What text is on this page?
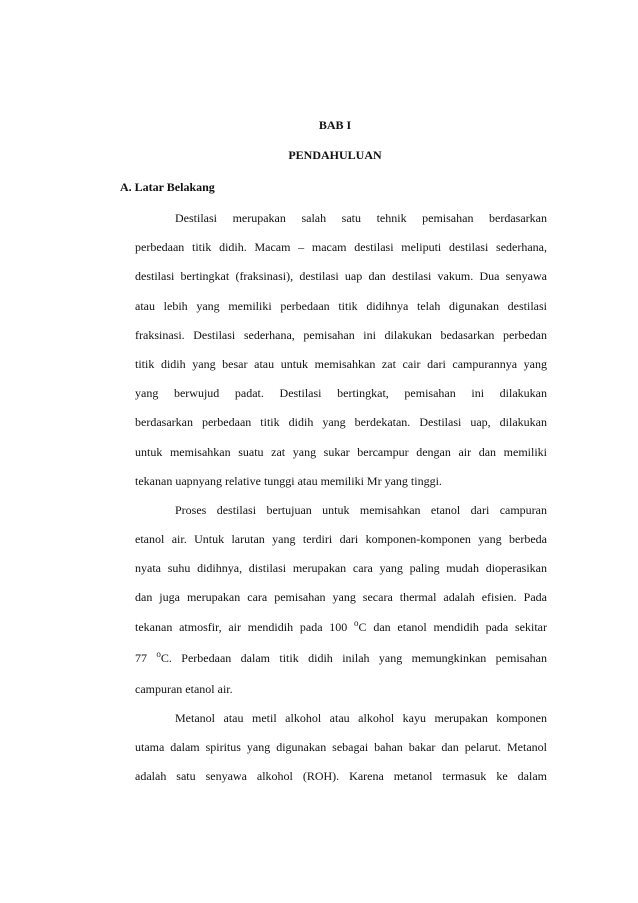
BAB I
PENDAHULUAN
A. Latar Belakang
Destilasi merupakan salah satu tehnik pemisahan berdasarkan
perbedaan titik didih. Macam – macam destilasi meliputi destilasi sederhana,
destilasi bertingkat (fraksinasi), destilasi uap dan destilasi vakum. Dua senyawa
atau lebih yang memiliki perbedaan titik didihnya telah digunakan destilasi
fraksinasi. Destilasi sederhana, pemisahan ini dilakukan bedasarkan perbedan
titik didih yang besar atau untuk memisahkan zat cair dari campurannya yang
yang berwujud padat. Destilasi bertingkat, pemisahan ini dilakukan
berdasarkan perbedaan titik didih yang berdekatan. Destilasi uap, dilakukan
untuk memisahkan suatu zat yang sukar bercampur dengan air dan memiliki
tekanan uapnyang relative tunggi atau memiliki Mr yang tinggi.
Proses destilasi bertujuan untuk memisahkan etanol dari campuran
etanol air. Untuk larutan yang terdiri dari komponen-komponen yang berbeda
nyata suhu didihnya, distilasi merupakan cara yang paling mudah dioperasikan
dan juga merupakan cara pemisahan yang secara thermal adalah efisien. Pada
tekanan atmosfir, air mendidih pada 100 $^o$C dan etanol mendidih pada sekitar
77 $^o$C. Perbedaan dalam titik didih inilah yang memungkinkan pemisahan
campuran etanol air.
Metanol atau metil alkohol atau alkohol kayu merupakan komponen
utama dalam spiritus yang digunakan sebagai bahan bakar dan pelarut. Metanol
adalah satu senyawa alkohol (ROH). Karena metanol termasuk ke dalam
